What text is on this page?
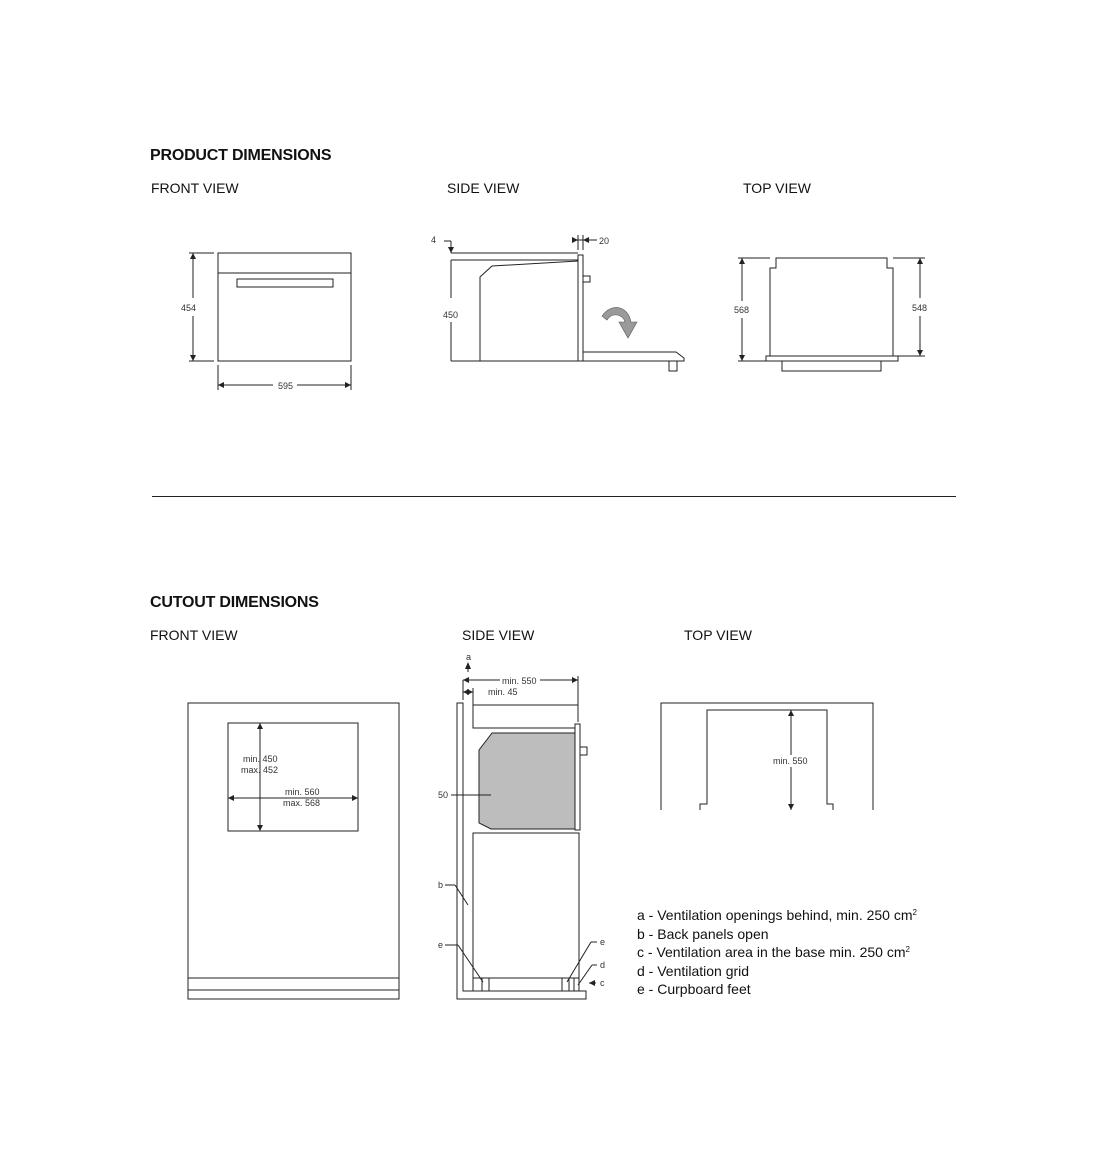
PRODUCT DIMENSIONS
FRONT VIEW	SIDE VIEW	TOP VIEW
454
595
4	20
450	568	548
min. 450
max. 452
min. 560
max. 568
min. 550
min. 45
50
a
b
e	e
d
c
min. 550
CUTOUT DIMENSIONS
FRONT VIEW	SIDE VIEW	TOP VIEW
a - Ventilation openings behind, min. 250 $cm^2$
b - Back panels open
c - Ventilation area in the base min. 250 $cm^2$
d - Ventilation grid
e - Curpboard feet
